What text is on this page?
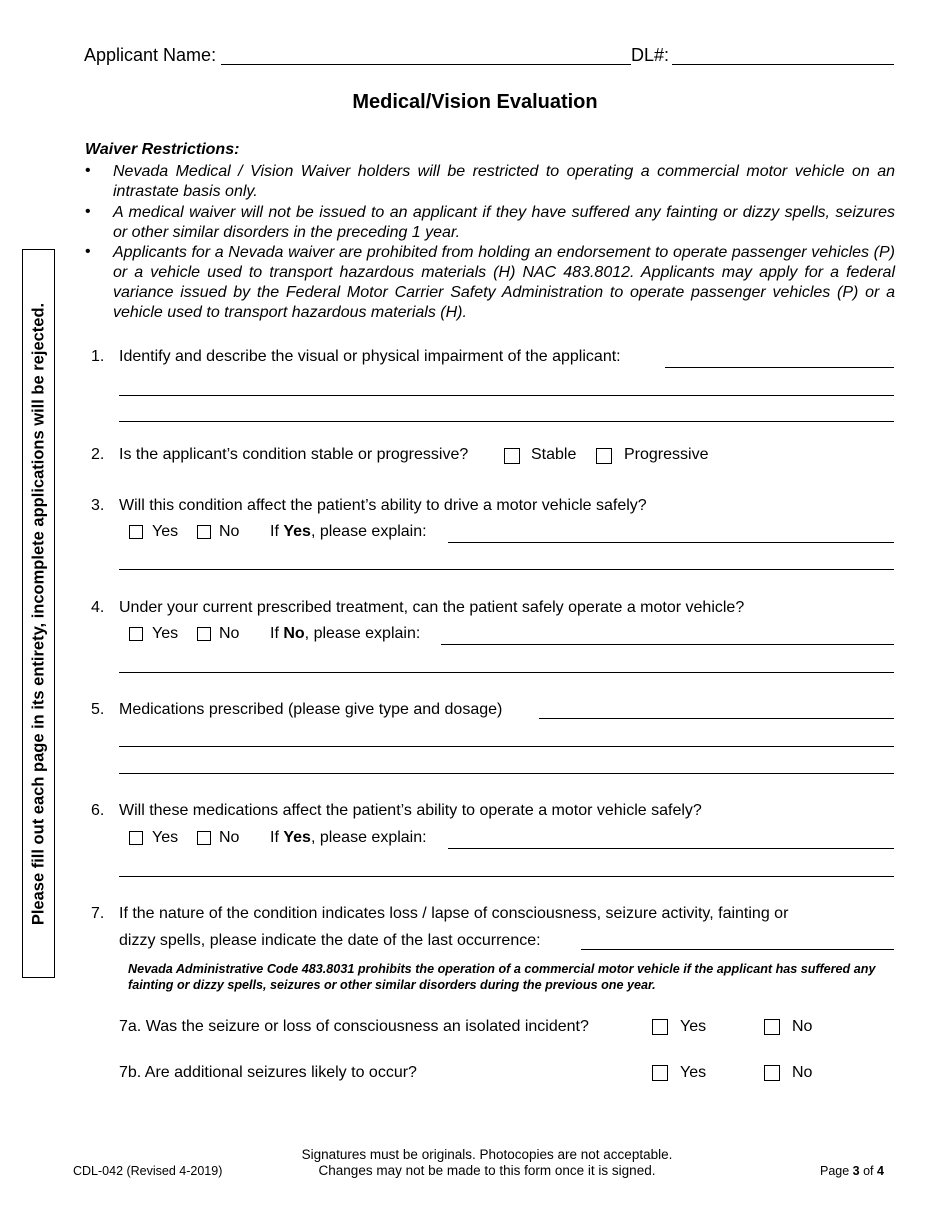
Applicant Name:	DL#:
Medical/Vision Evaluation
Please fill out each page in its entirety, incomplete applications will be rejected.
Waiver Restrictions:
• Nevada Medical / Vision Waiver holders will be restricted to operating a commercial motor vehicle on an intrastate basis only.
• A medical waiver will not be issued to an applicant if they have suffered any fainting or dizzy spells, seizures or other similar disorders in the preceding 1 year.
• Applicants for a Nevada waiver are prohibited from holding an endorsement to operate passenger vehicles (P) or a vehicle used to transport hazardous materials (H) NAC 483.8012. Applicants may apply for a federal variance issued by the Federal Motor Carrier Safety Administration to operate passenger vehicles (P) or a vehicle used to transport hazardous materials (H).
1. Identify and describe the visual or physical impairment of the applicant:
2. Is the applicant’s condition stable or progressive?	Stable	Progressive
3. Will this condition affect the patient’s ability to drive a motor vehicle safely?
Yes	No If Yes, please explain:
4. Under your current prescribed treatment, can the patient safely operate a motor vehicle?
Yes	No If No, please explain:
5. Medications prescribed (please give type and dosage)
6. Will these medications affect the patient’s ability to operate a motor vehicle safely?
Yes	No If Yes, please explain:
7. If the nature of the condition indicates loss / lapse of consciousness, seizure activity, fainting or
dizzy spells, please indicate the date of the last occurrence:
Nevada Administrative Code 483.8031 prohibits the operation of a commercial motor vehicle if the applicant has suffered any fainting or dizzy spells, seizures or other similar disorders during the previous one year.
7a. Was the seizure or loss of consciousness an isolated incident?	Yes	No
7b. Are additional seizures likely to occur?	Yes	No
CDL-042 (Revised 4-2019)
Signatures must be originals. Photocopies are not acceptable.
Changes may not be made to this form once it is signed.	Page 3 of 4
